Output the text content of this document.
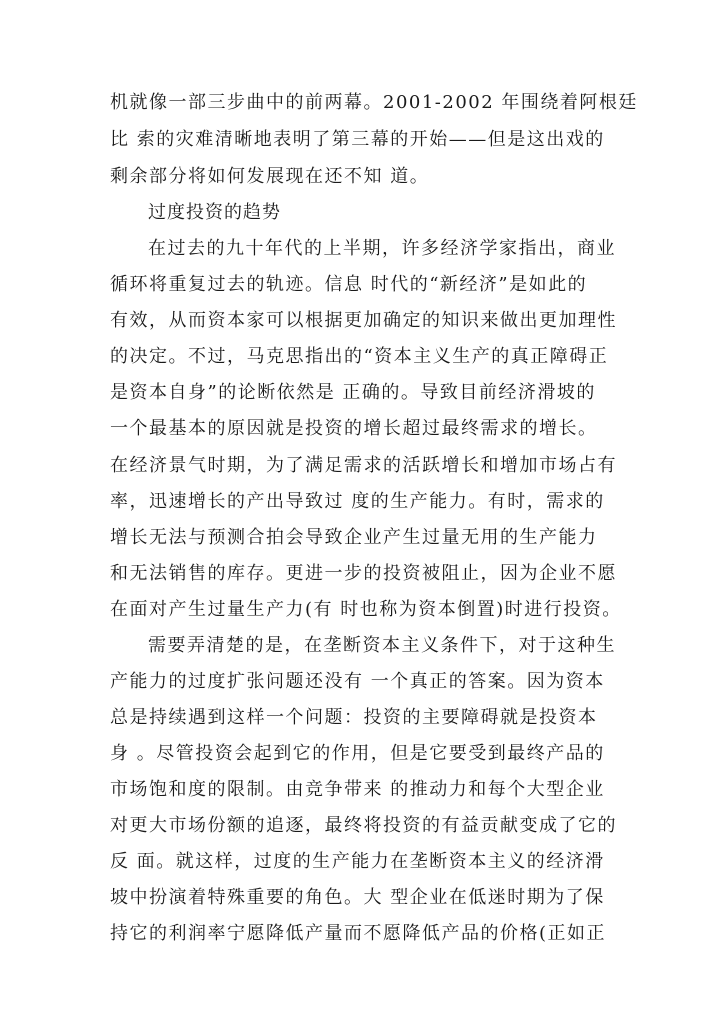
机就像一部三步曲中的前两幕。2001-2002 年围绕着阿根廷
比 索的灾难清晰地表明了第三幕的开始——但是这出戏的
剩余部分将如何发展现在还不知 道。
过度投资的趋势
在过去的九十年代的上半期，许多经济学家指出，商业
循环将重复过去的轨迹。信息 时代的“新经济”是如此的
有效，从而资本家可以根据更加确定的知识来做出更加理性
的决定。不过，马克思指出的“资本主义生产的真正障碍正
是资本自身”的论断依然是 正确的。导致目前经济滑坡的
一个最基本的原因就是投资的增长超过最终需求的增长。
在经济景气时期，为了满足需求的活跃增长和增加市场占有
率，迅速增长的产出导致过 度的生产能力。有时，需求的
增长无法与预测合拍会导致企业产生过量无用的生产能力
和无法销售的库存。更进一步的投资被阻止，因为企业不愿
在面对产生过量生产力(有 时也称为资本倒置)时进行投资。
需要弄清楚的是，在垄断资本主义条件下，对于这种生
产能力的过度扩张问题还没有 一个真正的答案。因为资本
总是持续遇到这样一个问题：投资的主要障碍就是投资本
身 。尽管投资会起到它的作用，但是它要受到最终产品的
市场饱和度的限制。由竞争带来 的推动力和每个大型企业
对更大市场份额的追逐，最终将投资的有益贡献变成了它的
反 面。就这样，过度的生产能力在垄断资本主义的经济滑
坡中扮演着特殊重要的角色。大 型企业在低迷时期为了保
持它的利润率宁愿降低产量而不愿降低产品的价格(正如正
